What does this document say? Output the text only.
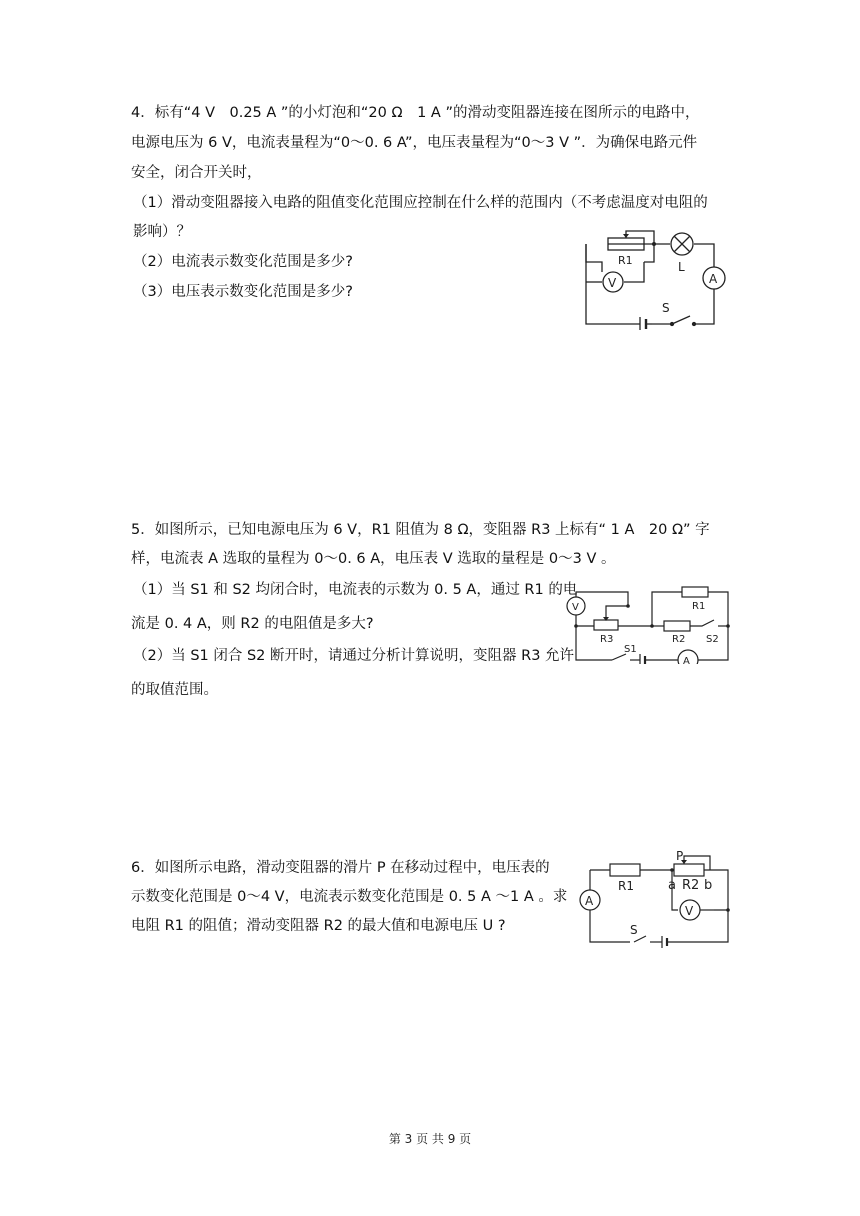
4．标有“4 V　0.25 A ”的小灯泡和“20 Ω　1 A ”的滑动变阻器连接在图所示的电路中，
电源电压为 6 V，电流表量程为“0～0. 6 A”，电压表量程为“0～3 V ”．为确保电路元件
安全，闭合开关时，
（1）滑动变阻器接入电路的阻值变化范围应控制在什么样的范围内（不考虑温度对电阻的
影响）？
（2）电流表示数变化范围是多少?
（3）电压表示数变化范围是多少?
R1	L
A
V
S
5．如图所示，已知电源电压为 6 V，R1 阻值为 8 Ω，变阻器 R3 上标有“ 1 A　20 Ω” 字
样，电流表 A 选取的量程为 0～0. 6 A，电压表 V 选取的量程是 0～3 V 。
（1）当 S1 和 S2 均闭合时，电流表的示数为 0. 5 A，通过 R1 的电
流是 0. 4 A，则 R2 的电阻值是多大?
（2）当 S1 闭合 S2 断开时，请通过分析计算说明，变阻器 R3 允许
的取值范围。
V	R1
R2
R3	S2
S1
A
6．如图所示电路，滑动变阻器的滑片 P 在移动过程中，电压表的
示数变化范围是 0～4 V，电流表示数变化范围是 0. 5 A ～1 A 。求
电阻 R1 的阻值；滑动变阻器 R2 的最大值和电源电压 U ?
P
R1	a R2 b
A
V
S
第 3 页 共 9 页
